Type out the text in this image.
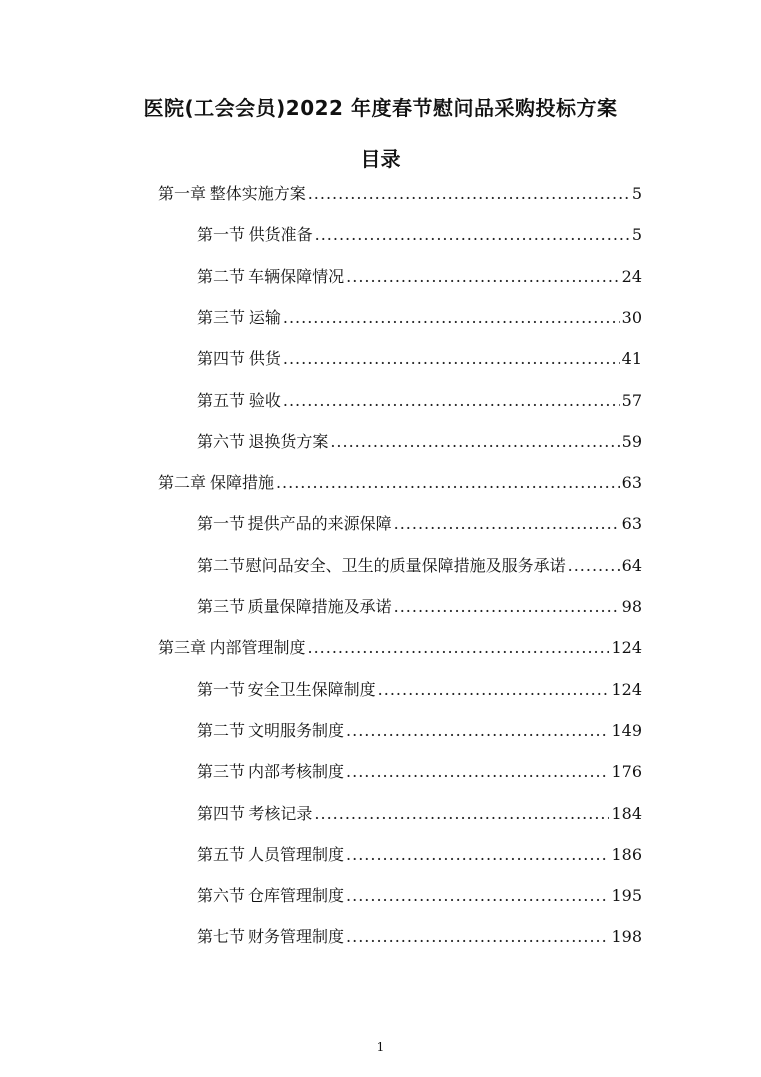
医院(工会会员)2022 年度春节慰问品采购投标方案
目录
第一章 整体实施方案 .....	5
第一节 供货准备 .....	5
第二节 车辆保障情况 .....	24
第三节 运输 .....	30
第四节 供货 .....	41
第五节 验收 .....	57
第六节 退换货方案 .....	59
第二章 保障措施 .....	63
第一节 提供产品的来源保障 .....	63
第二节 慰问品安全、卫生的质量保障措施及服务承诺 .....	64
第三节 质量保障措施及承诺 .....	98
第三章 内部管理制度 .....	124
第一节 安全卫生保障制度 .....	124
第二节 文明服务制度 .....	149
第三节 内部考核制度 .....	176
第四节 考核记录 .....	184
第五节 人员管理制度 .....	186
第六节 仓库管理制度 .....	195
第七节 财务管理制度 .....	198
1
